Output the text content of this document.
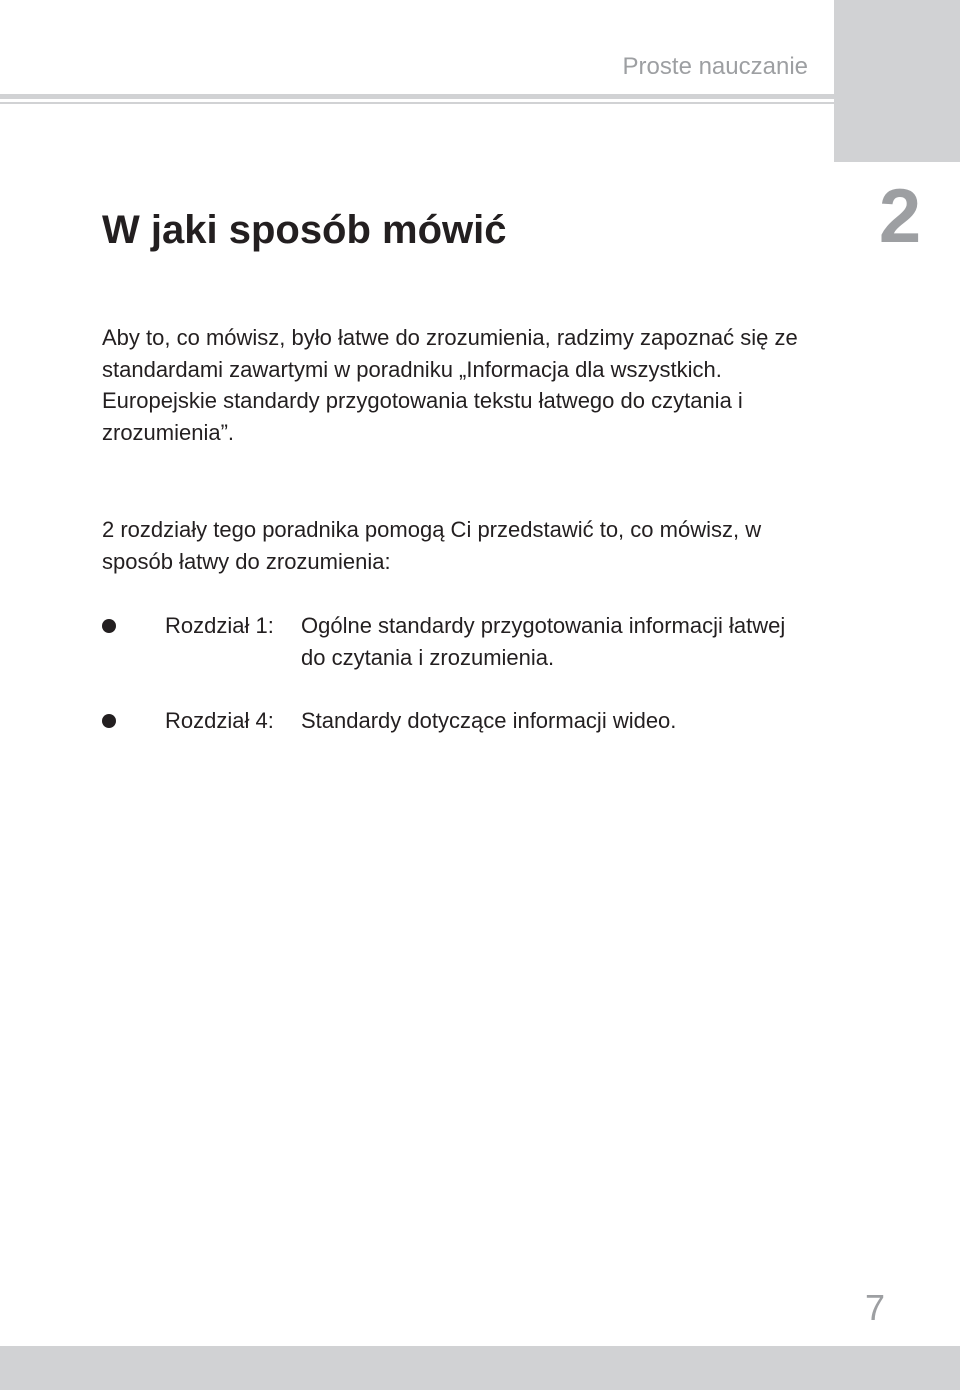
Proste nauczanie
2
W jaki sposób mówić

Aby to, co mówisz, było łatwe do zrozumienia, radzimy zapoznać się ze standardami zawartymi w poradniku „Informacja dla wszystkich. Europejskie standardy przygotowania tekstu łatwego do czytania i zrozumienia”.

2 rozdziały tego poradnika pomogą Ci przedstawić to, co mówisz, w sposób łatwy do zrozumienia:

Rozdział 1: Ogólne standardy przygotowania informacji łatwej do czytania i zrozumienia.
Rozdział 4: Standardy dotyczące informacji wideo.
7
